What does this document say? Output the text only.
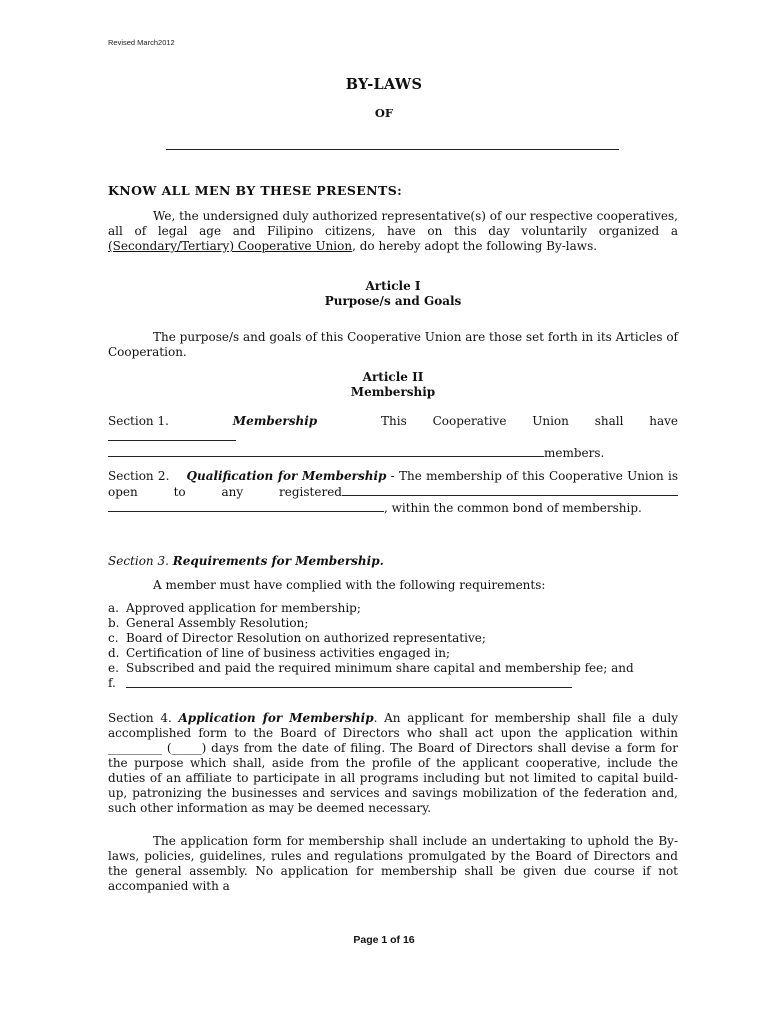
Revised March2012
BY-LAWS
OF
KNOW ALL MEN BY THESE PRESENTS:
We, the undersigned duly authorized representative(s) of our respective cooperatives, all of legal age and Filipino citizens, have on this day voluntarily organized a (Secondary/Tertiary) Cooperative Union, do hereby adopt the following By-laws.
Article I
Purpose/s and Goals
The purpose/s and goals of this Cooperative Union are those set forth in its Articles of Cooperation.
Article II
Membership
Section 1.	Membership	This Cooperative Union shall have
members.
Section 2. Qualification for Membership - The membership of this Cooperative Union is open to any registered , within the common bond of membership.
Section 3. Requirements for Membership.
A member must have complied with the following requirements:
a. Approved application for membership;
b. General Assembly Resolution;
c. Board of Director Resolution on authorized representative;
d. Certification of line of business activities engaged in;
e. Subscribed and paid the required minimum share capital and membership fee; and
f.
Section 4. Application for Membership. An applicant for membership shall file a duly accomplished form to the Board of Directors who shall act upon the application within _________ (_____) days from the date of filing. The Board of Directors shall devise a form for the purpose which shall, aside from the profile of the applicant cooperative, include the duties of an affiliate to participate in all programs including but not limited to capital build-up, patronizing the businesses and services and savings mobilization of the federation and, such other information as may be deemed necessary.
The application form for membership shall include an undertaking to uphold the By-laws, policies, guidelines, rules and regulations promulgated by the Board of Directors and the general assembly. No application for membership shall be given due course if not accompanied with a
Page 1 of 16
